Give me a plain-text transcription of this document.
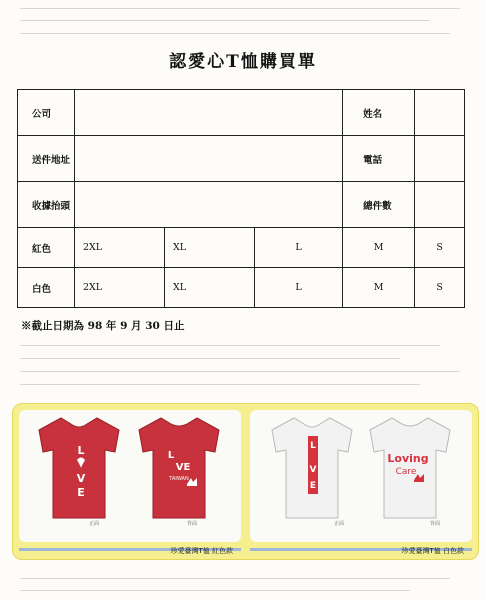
認愛心T恤購買單
公司				姓名	
送件地址				電話	
收據抬頭				總件數	
紅色	2XL	XL	L	M	S
白色	2XL	XL	L	M	S
※截止日期為 98 年 9 月 30 日止
L
V
E
L
VE
TAIWAN
正面	背面
珍愛臺灣T恤 紅色款
L
V
E
Loving
Care
正面	背面
珍愛臺灣T恤 白色款
